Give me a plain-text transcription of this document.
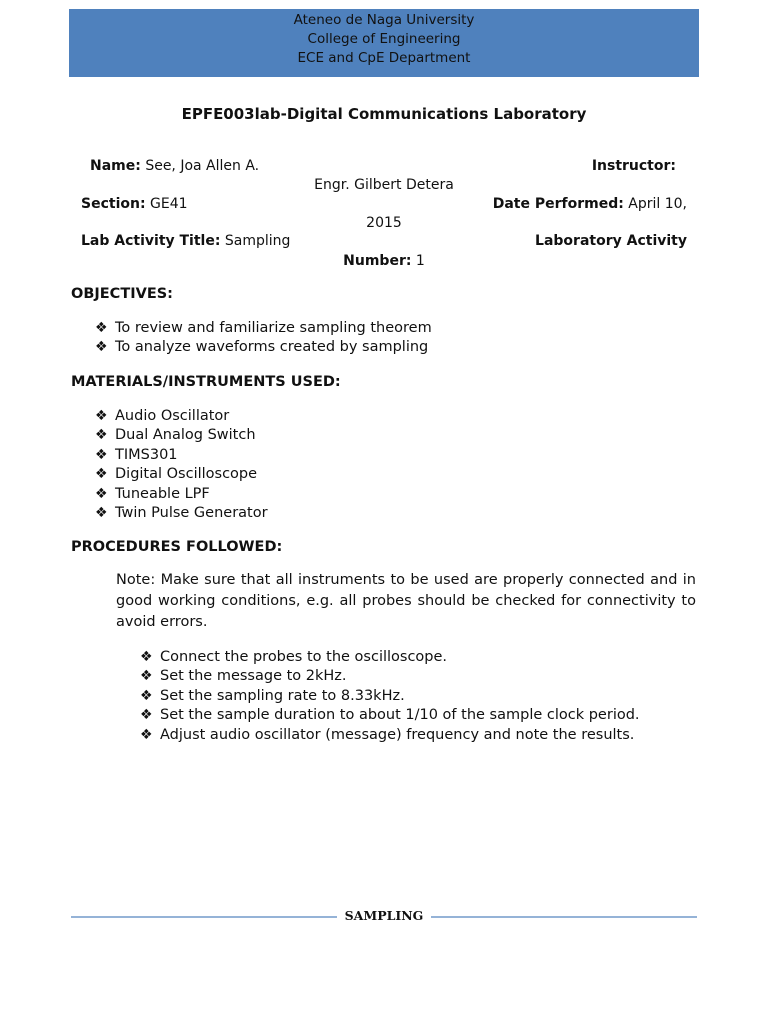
Ateneo de Naga University
College of Engineering
ECE and CpE Department
EPFE003lab-Digital Communications Laboratory
Name: See, Joa Allen A.	Instructor:
Engr. Gilbert Detera
Section: GE41	Date Performed: April 10,
2015
Lab Activity Title: Sampling	Laboratory Activity
Number: 1
OBJECTIVES:
❖ To review and familiarize sampling theorem
❖ To analyze waveforms created by sampling
MATERIALS/INSTRUMENTS USED:
❖ Audio Oscillator
❖ Dual Analog Switch
❖ TIMS301
❖ Digital Oscilloscope
❖ Tuneable LPF
❖ Twin Pulse Generator
PROCEDURES FOLLOWED:
Note: Make sure that all instruments to be used are properly connected and in good working conditions, e.g. all probes should be checked for connectivity to avoid errors.
❖ Connect the probes to the oscilloscope.
❖ Set the message to 2kHz.
❖ Set the sampling rate to 8.33kHz.
❖ Set the sample duration to about 1/10 of the sample clock period.
❖ Adjust audio oscillator (message) frequency and note the results.
SAMPLING
